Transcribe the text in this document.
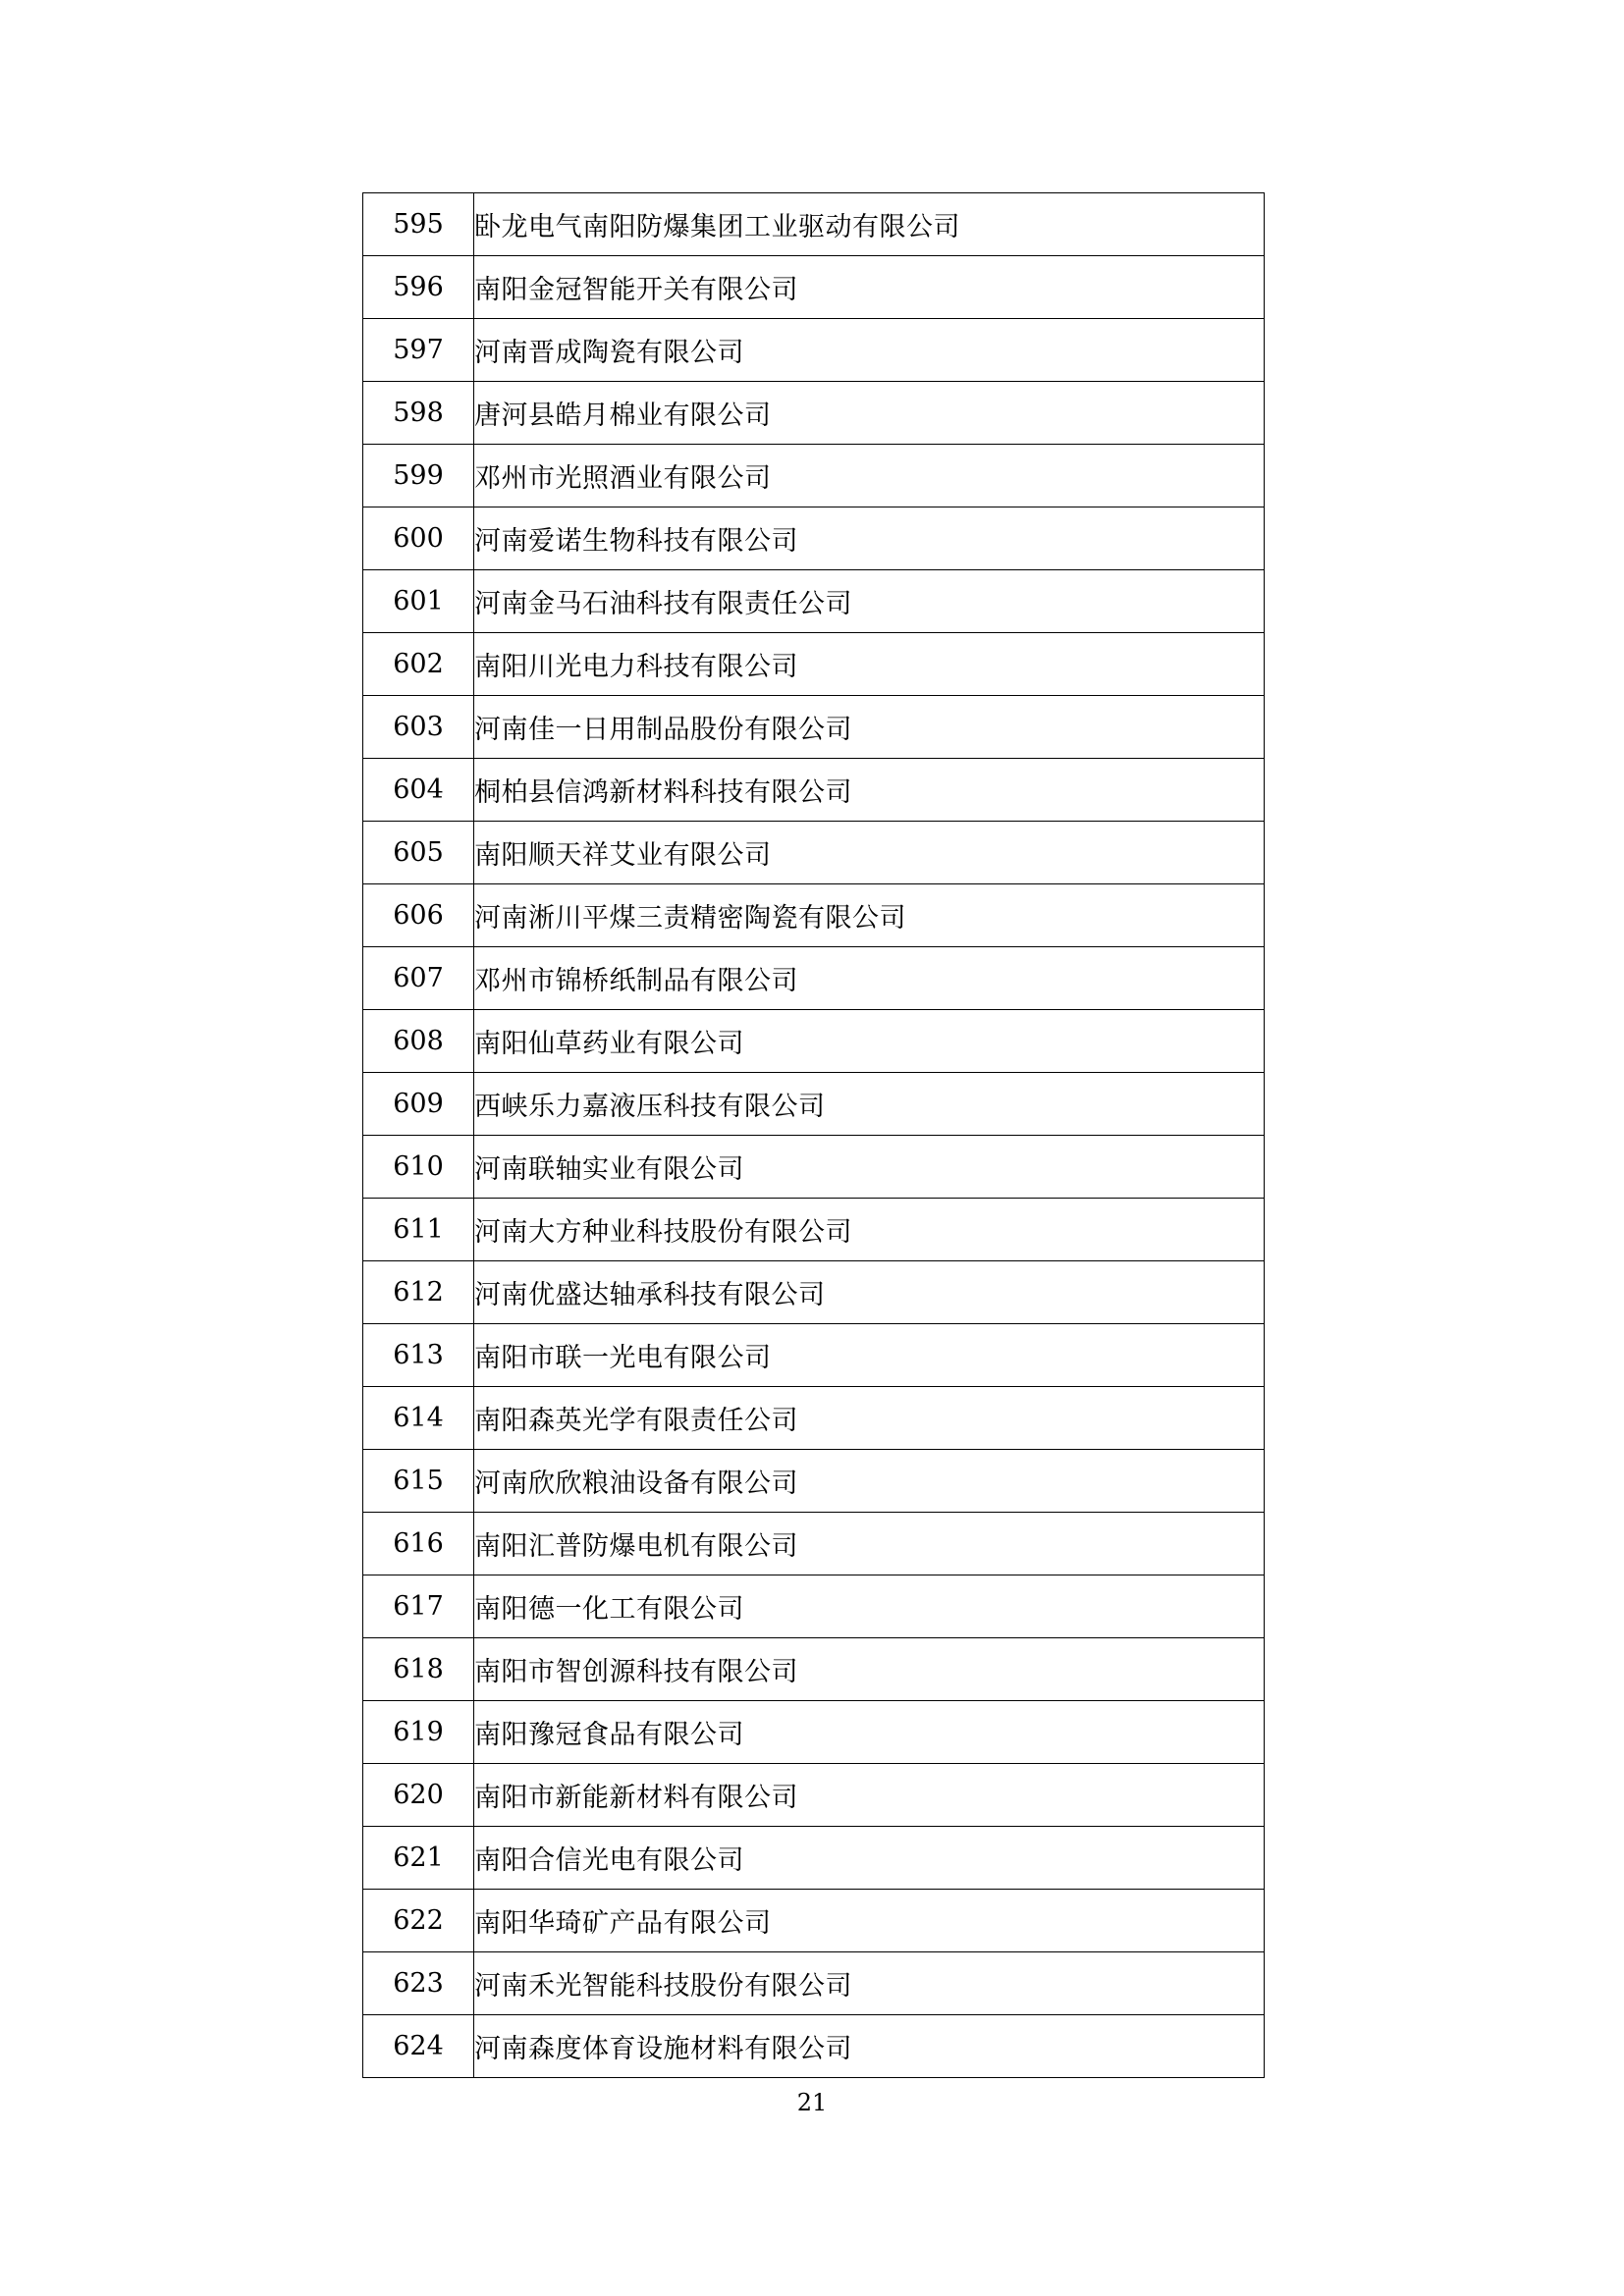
595	卧龙电气南阳防爆集团工业驱动有限公司
596	南阳金冠智能开关有限公司
597	河南晋成陶瓷有限公司
598	唐河县皓月棉业有限公司
599	邓州市光照酒业有限公司
600	河南爱诺生物科技有限公司
601	河南金马石油科技有限责任公司
602	南阳川光电力科技有限公司
603	河南佳一日用制品股份有限公司
604	桐柏县信鸿新材料科技有限公司
605	南阳顺天祥艾业有限公司
606	河南淅川平煤三责精密陶瓷有限公司
607	邓州市锦桥纸制品有限公司
608	南阳仙草药业有限公司
609	西峡乐力嘉液压科技有限公司
610	河南联轴实业有限公司
611	河南大方种业科技股份有限公司
612	河南优盛达轴承科技有限公司
613	南阳市联一光电有限公司
614	南阳森英光学有限责任公司
615	河南欣欣粮油设备有限公司
616	南阳汇普防爆电机有限公司
617	南阳德一化工有限公司
618	南阳市智创源科技有限公司
619	南阳豫冠食品有限公司
620	南阳市新能新材料有限公司
621	南阳合信光电有限公司
622	南阳华琦矿产品有限公司
623	河南禾光智能科技股份有限公司
624	河南森度体育设施材料有限公司
21
